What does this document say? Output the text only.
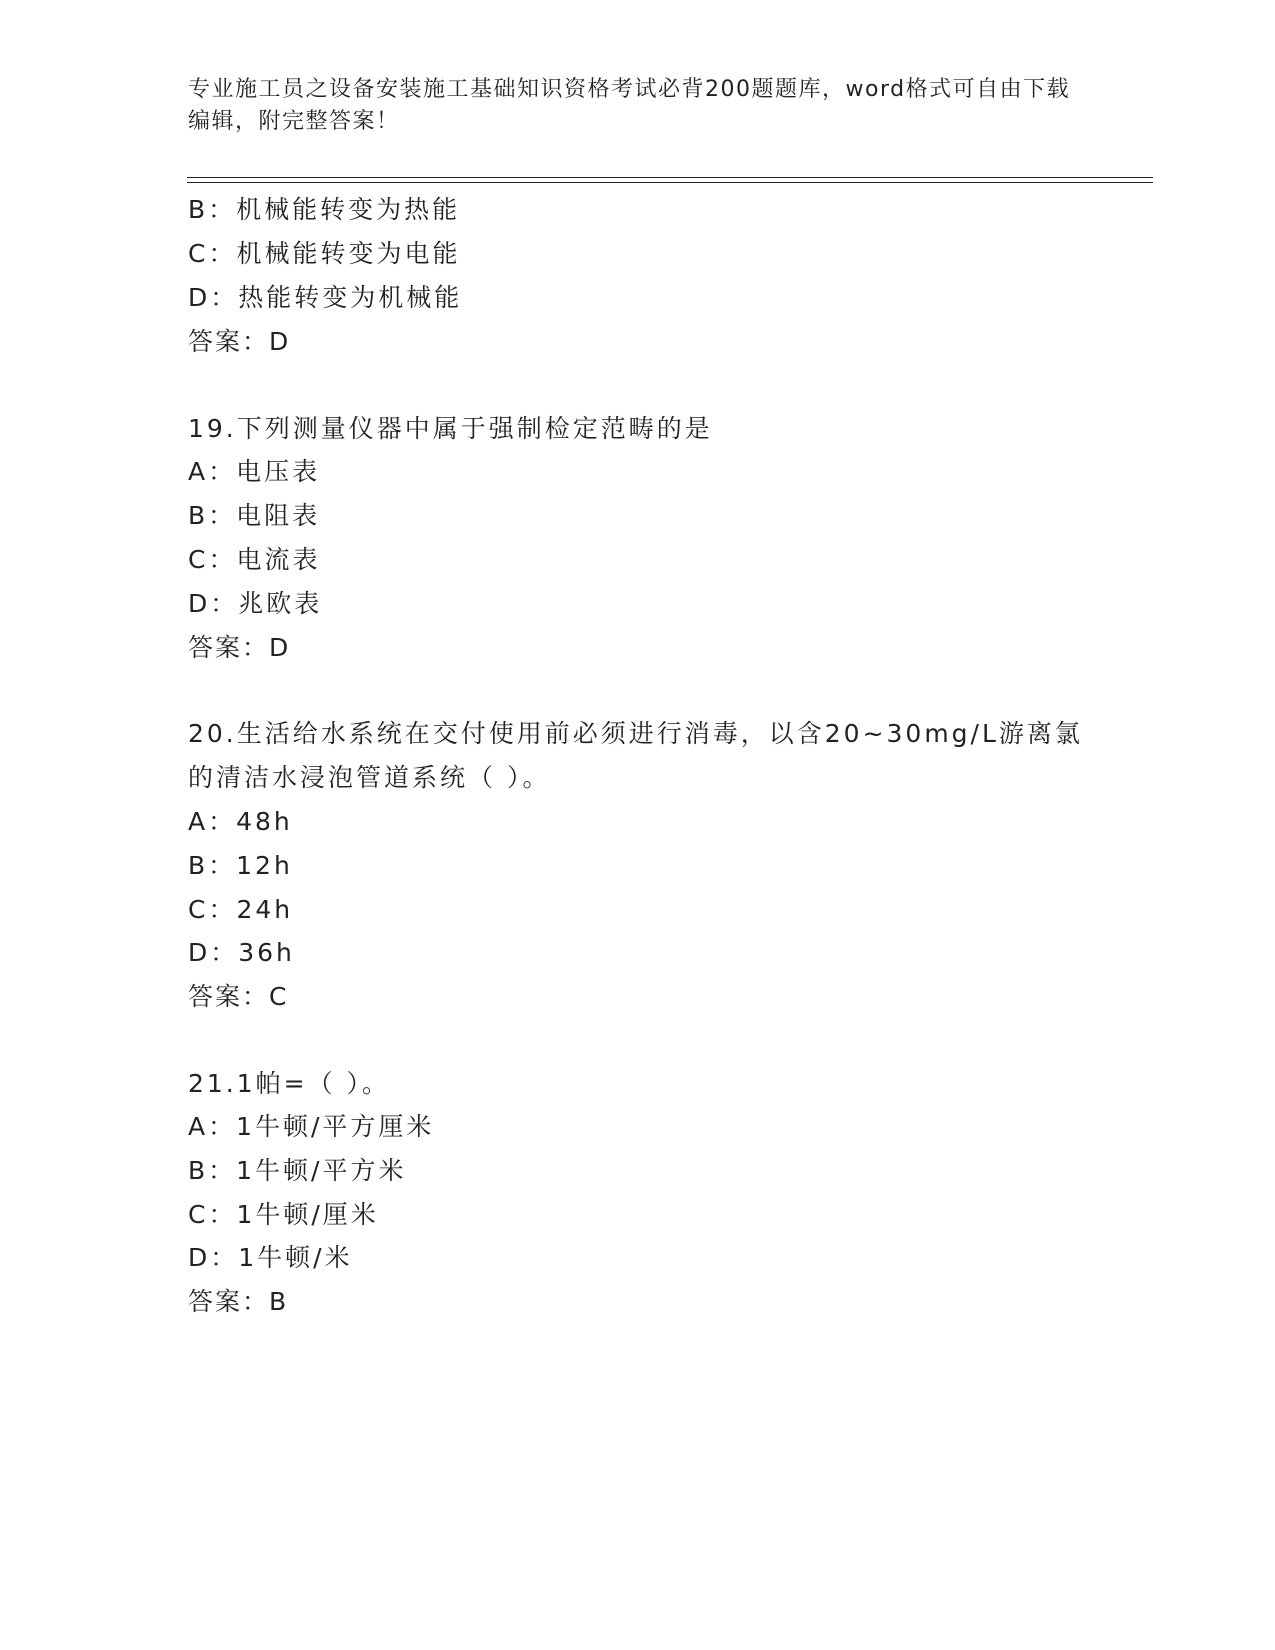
专业施工员之设备安装施工基础知识资格考试必背200题题库，word格式可自由下载编辑，附完整答案！
B：机械能转变为热能
C：机械能转变为电能
D：热能转变为机械能
答案：D
19.下列测量仪器中属于强制检定范畴的是
A：电压表
B：电阻表
C：电流表
D：兆欧表
答案：D
20.生活给水系统在交付使用前必须进行消毒，以含20~30mg/L游离氯
的清洁水浸泡管道系统（ ）。
A：48h
B：12h
C：24h
D：36h
答案：C
21.1帕=（ ）。
A：1牛顿/平方厘米
B：1牛顿/平方米
C：1牛顿/厘米
D：1牛顿/米
答案：B
